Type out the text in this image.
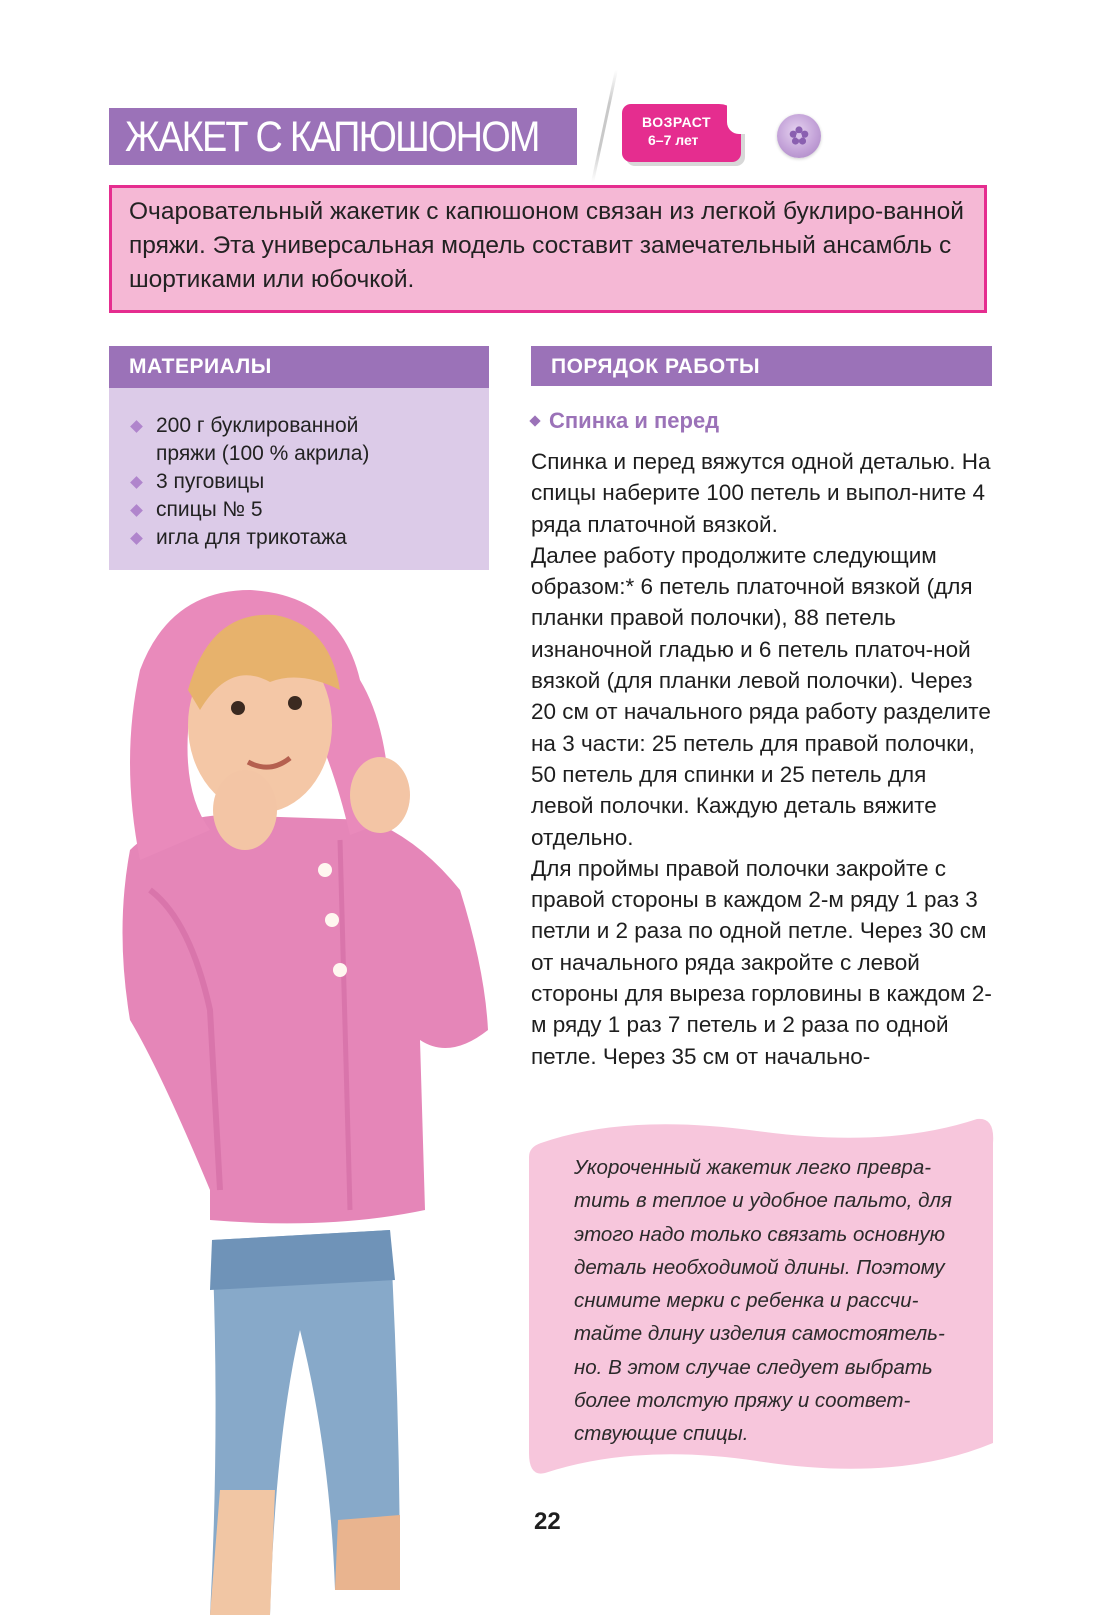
ЖАКЕТ С КАПЮШОНОМ	ВОЗРАСТ
6–7 лет
Очаровательный жакетик с капюшоном связан из легкой буклиро-ванной пряжи. Эта универсальная модель составит замечательный ансамбль с шортиками или юбочкой.
МАТЕРИАЛЫ
200 г буклированной пряжи (100 % акрила)
3 пуговицы
спицы № 5
игла для трикотажа
ПОРЯДОК РАБОТЫ
Спинка и перед

Спинка и перед вяжутся одной деталью. На спицы наберите 100 петель и выпол-ните 4 ряда платочной вязкой.

Далее работу продолжите следующим образом:* 6 петель платочной вязкой (для планки правой полочки), 88 петель изнаночной гладью и 6 петель платоч-ной вязкой (для планки левой полочки). Через 20 см от начального ряда работу разделите на 3 части: 25 петель для правой полочки, 50 петель для спинки и 25 петель для левой полочки. Каждую деталь вяжите отдельно.

Для проймы правой полочки закройте с правой стороны в каждом 2-м ряду 1 раз 3 петли и 2 раза по одной петле. Через 30 см от начального ряда закройте с левой стороны для выреза горловины в каждом 2-м ряду 1 раз 7 петель и 2 раза по одной петле. Через 35 см от начально-

Укороченный жакетик легко превра-тить в теплое и удобное пальто, для этого надо только связать основную деталь необходимой длины. Поэтому снимите мерки с ребенка и рассчи-тайте длину изделия самостоятель-но. В этом случае следует выбрать более толстую пряжу и соответ-ствующие спицы.
22
